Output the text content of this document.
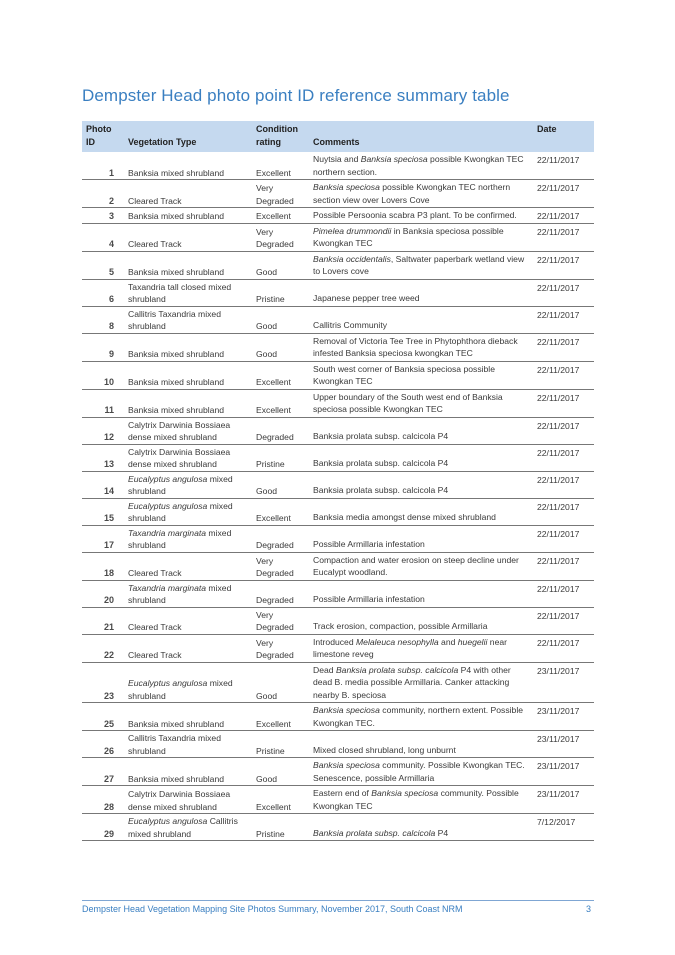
Dempster Head photo point ID reference summary table
Photo ID	Vegetation Type	Condition rating	Comments	Date
1	Banksia mixed shrubland	Excellent	Nuytsia and Banksia speciosa possible Kwongkan TEC northern section.	22/11/2017
2	Cleared Track	Very Degraded	Banksia speciosa possible Kwongkan TEC northern section view over Lovers Cove	22/11/2017
3	Banksia mixed shrubland	Excellent	Possible Persoonia scabra P3 plant. To be confirmed.	22/11/2017
4	Cleared Track	Very Degraded	Pimelea drummondii in Banksia speciosa possible Kwongkan TEC	22/11/2017
5	Banksia mixed shrubland	Good	Banksia occidentalis, Saltwater paperbark wetland view to Lovers cove	22/11/2017
6	Taxandria tall closed mixed shrubland	Pristine	Japanese pepper tree weed	22/11/2017
8	Callitris Taxandria mixed shrubland	Good	Callitris Community	22/11/2017
9	Banksia mixed shrubland	Good	Removal of Victoria Tee Tree in Phytophthora dieback infested Banksia speciosa kwongkan TEC	22/11/2017
10	Banksia mixed shrubland	Excellent	South west corner of Banksia speciosa possible Kwongkan TEC	22/11/2017
11	Banksia mixed shrubland	Excellent	Upper boundary of the South west end of Banksia speciosa possible Kwongkan TEC	22/11/2017
12	Calytrix Darwinia Bossiaea dense mixed shrubland	Degraded	Banksia prolata subsp. calcicola P4	22/11/2017
13	Calytrix Darwinia Bossiaea dense mixed shrubland	Pristine	Banksia prolata subsp. calcicola P4	22/11/2017
14	Eucalyptus angulosa mixed shrubland	Good	Banksia prolata subsp. calcicola P4	22/11/2017
15	Eucalyptus angulosa mixed shrubland	Excellent	Banksia media amongst dense mixed shrubland	22/11/2017
17	Taxandria marginata mixed shrubland	Degraded	Possible Armillaria infestation	22/11/2017
18	Cleared Track	Very Degraded	Compaction and water erosion on steep decline under Eucalypt woodland.	22/11/2017
20	Taxandria marginata mixed shrubland	Degraded	Possible Armillaria infestation	22/11/2017
21	Cleared Track	Very Degraded	Track erosion, compaction, possible Armillaria	22/11/2017
22	Cleared Track	Very Degraded	Introduced Melaleuca nesophylla and huegelii near limestone reveg	22/11/2017
23	Eucalyptus angulosa mixed shrubland	Good	Dead Banksia prolata subsp. calcicola P4 with other dead B. media possible Armillaria. Canker attacking nearby B. speciosa	23/11/2017
25	Banksia mixed shrubland	Excellent	Banksia speciosa community, northern extent. Possible Kwongkan TEC.	23/11/2017
26	Callitris Taxandria mixed shrubland	Pristine	Mixed closed shrubland, long unburnt	23/11/2017
27	Banksia mixed shrubland	Good	Banksia speciosa community. Possible Kwongkan TEC. Senescence, possible Armillaria	23/11/2017
28	Calytrix Darwinia Bossiaea dense mixed shrubland	Excellent	Eastern end of Banksia speciosa community. Possible Kwongkan TEC	23/11/2017
29	Eucalyptus angulosa Callitris mixed shrubland	Pristine	Banksia prolata subsp. calcicola P4	7/12/2017
Dempster Head Vegetation Mapping Site Photos Summary, November 2017, South Coast NRM	3
